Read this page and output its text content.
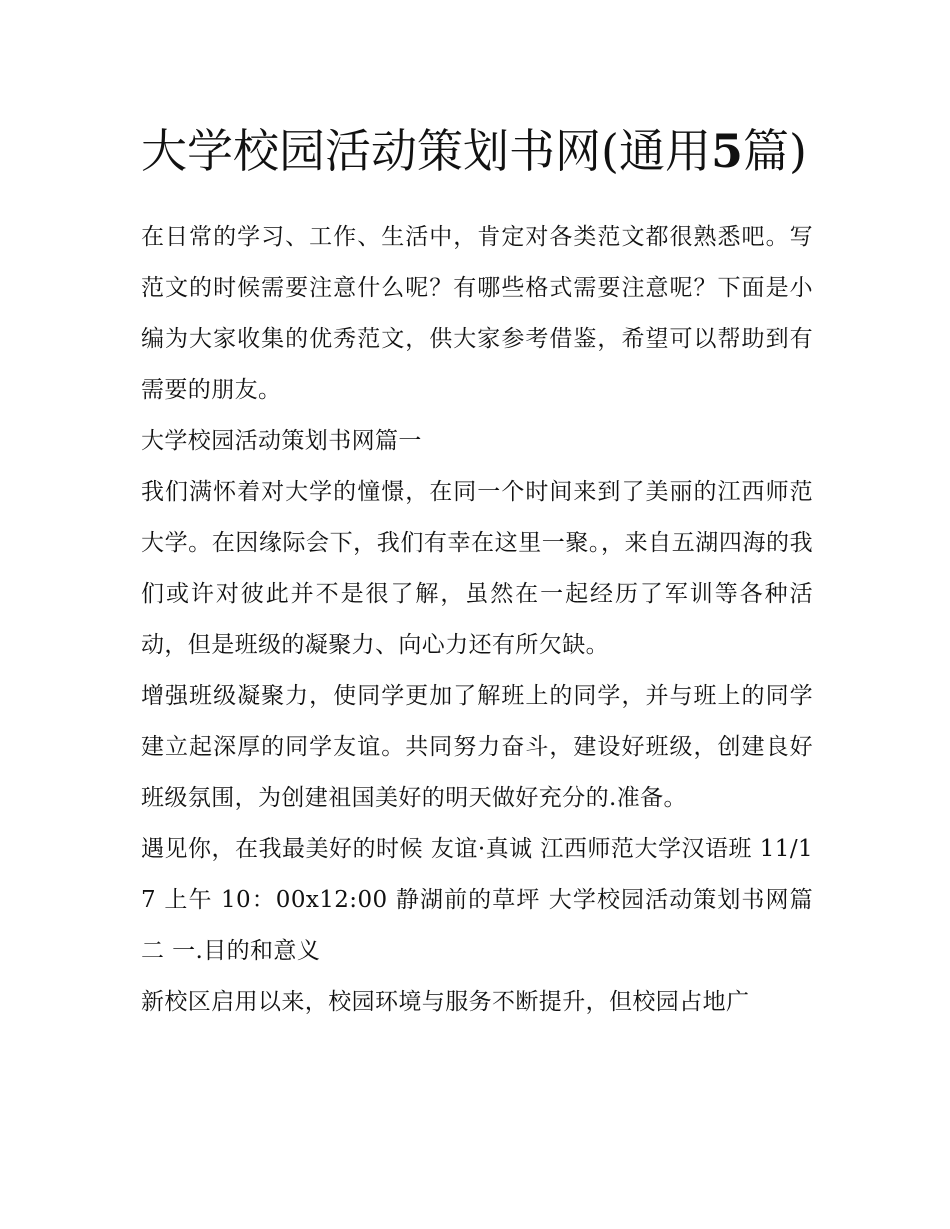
大学校园活动策划书网(通用5篇)

在日常的学习、工作、生活中，肯定对各类范文都很熟悉吧。写范文的时候需要注意什么呢？有哪些格式需要注意呢？下面是小编为大家收集的优秀范文，供大家参考借鉴，希望可以帮助到有需要的朋友。

大学校园活动策划书网篇一

我们满怀着对大学的憧憬，在同一个时间来到了美丽的江西师范大学。在因缘际会下，我们有幸在这里一聚。，来自五湖四海的我们或许对彼此并不是很了解，虽然在一起经历了军训等各种活动，但是班级的凝聚力、向心力还有所欠缺。

增强班级凝聚力，使同学更加了解班上的同学，并与班上的同学建立起深厚的同学友谊。共同努力奋斗，建设好班级，创建良好班级氛围，为创建祖国美好的明天做好充分的.准备。

遇见你，在我最美好的时候 友谊·真诚 江西师范大学汉语班 11/17 上午 10：00x12:00 静湖前的草坪 大学校园活动策划书网篇二 一.目的和意义

新校区启用以来，校园环境与服务不断提升，但校园占地广
